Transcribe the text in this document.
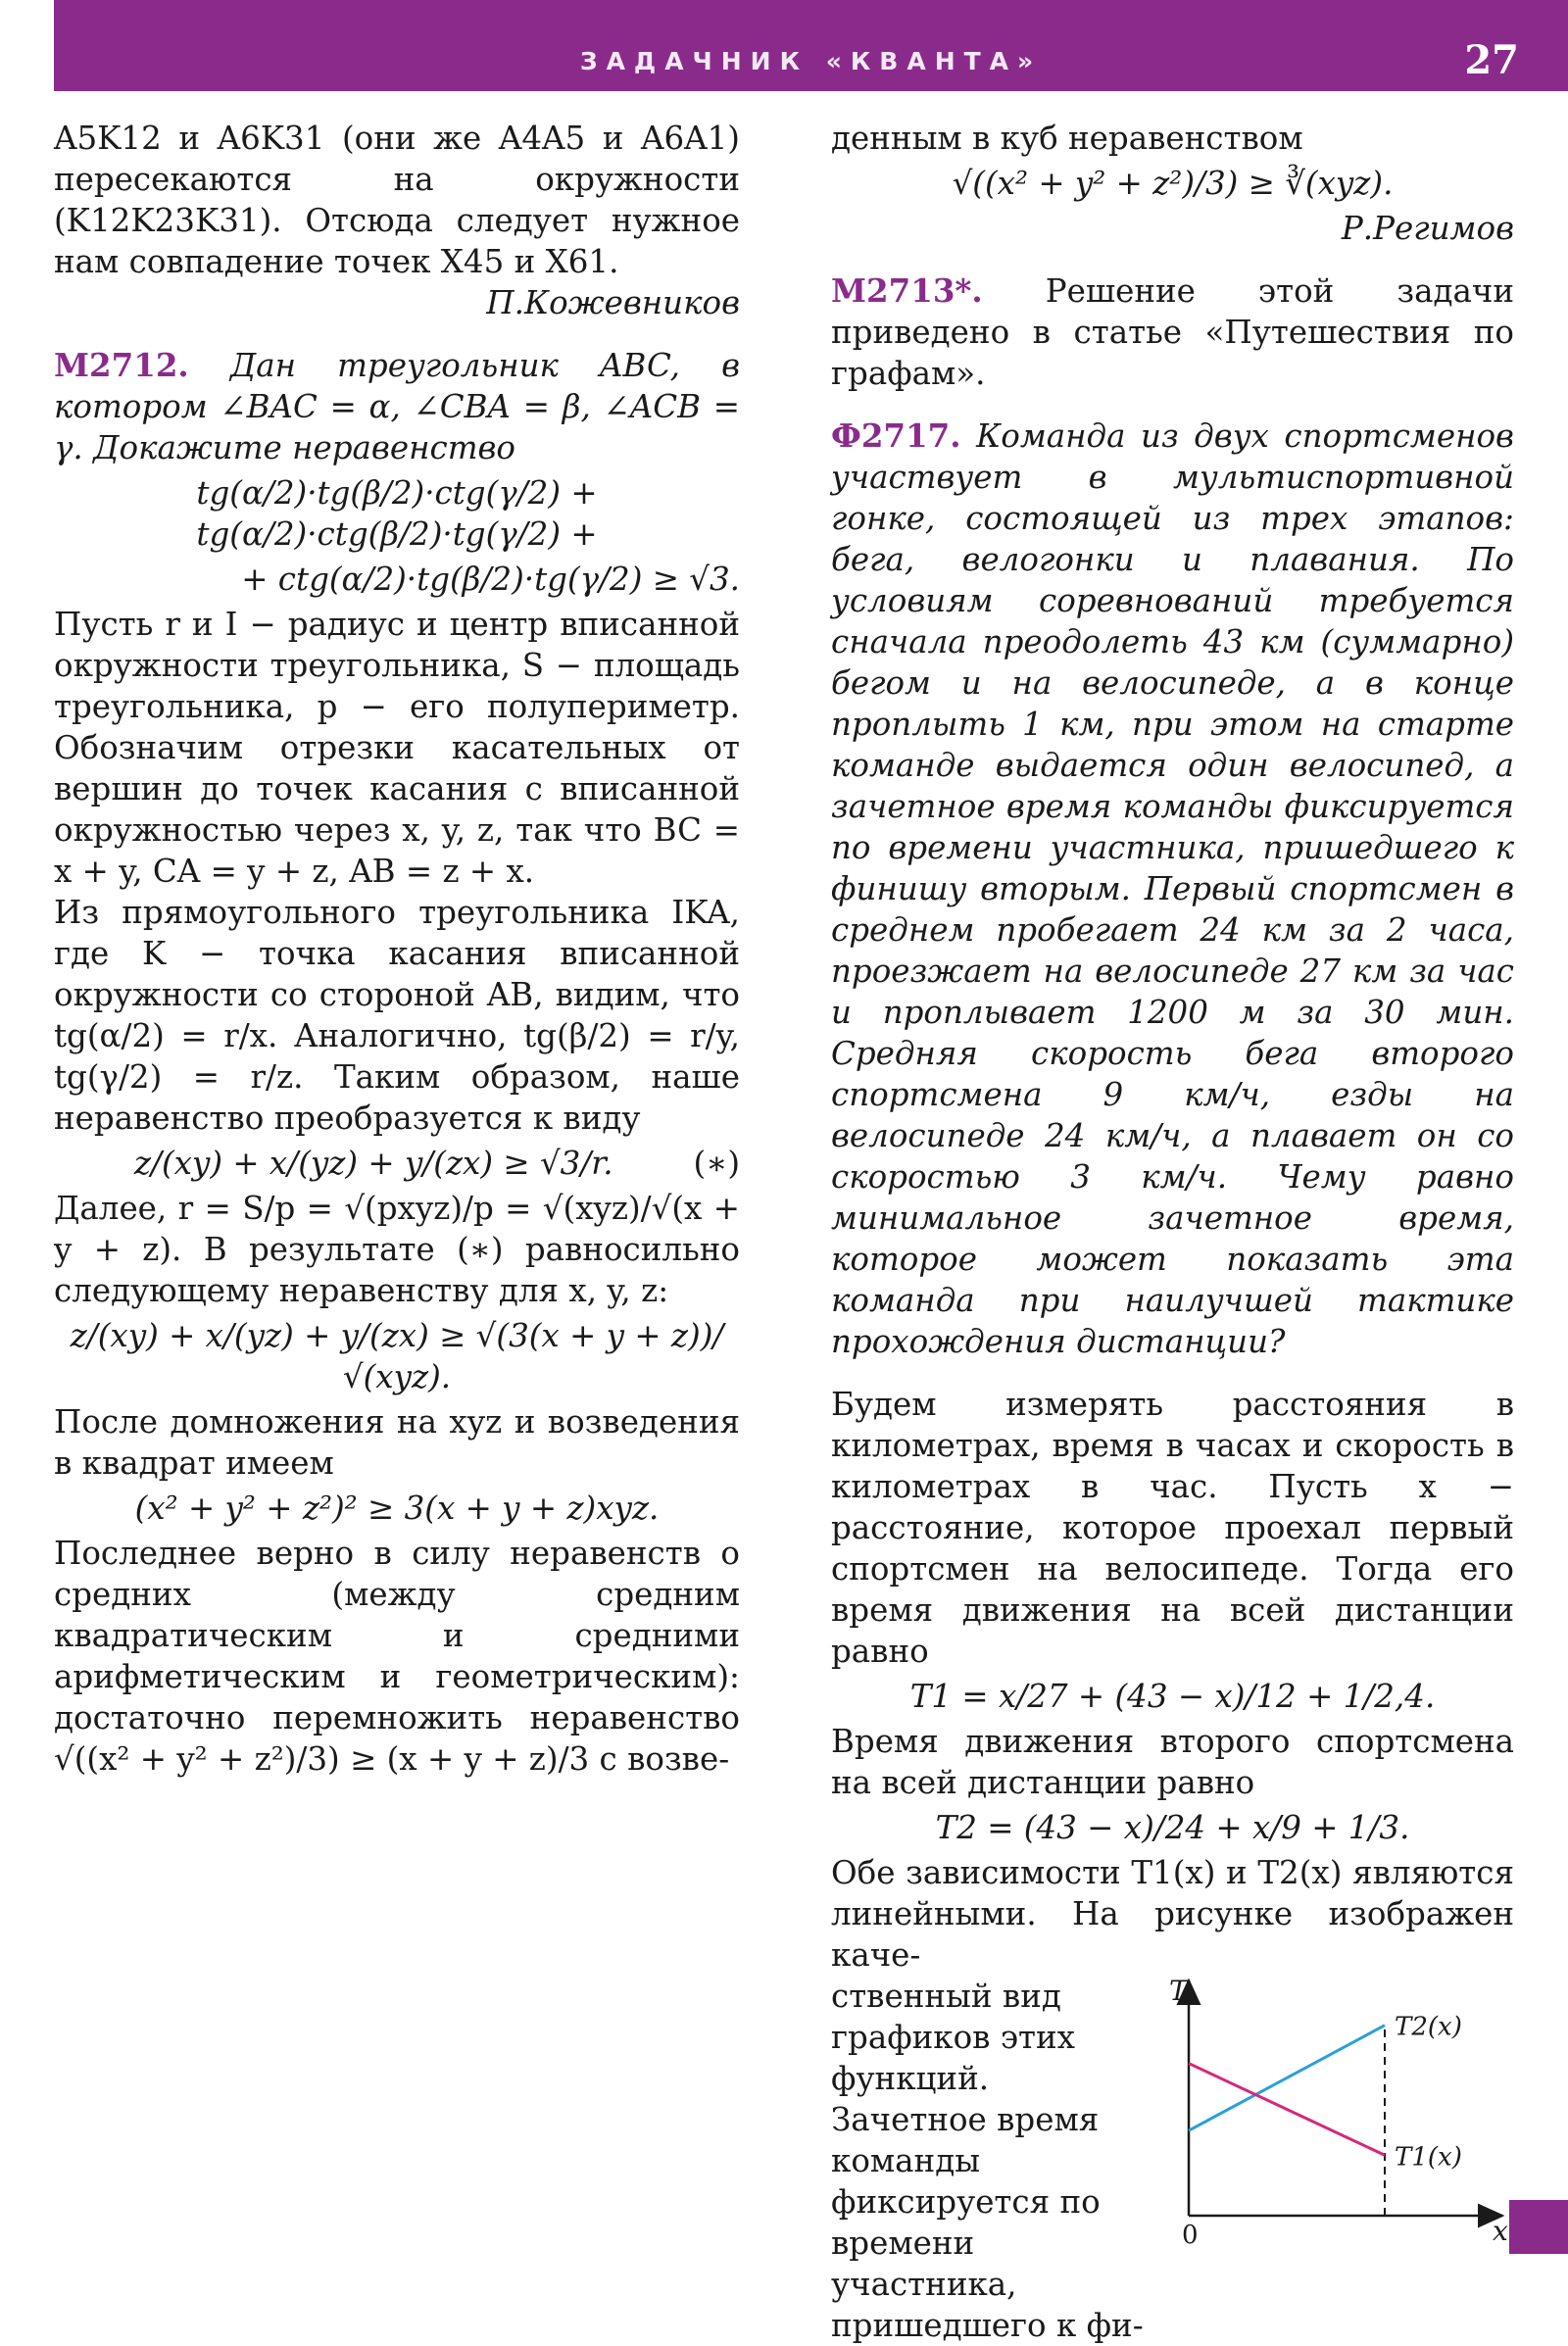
ЗАДАЧНИК «КВАНТА»	27

A5K12 и A6K31 (они же A4A5 и A6A1) пересекаются на окружности (K12K23K31). Отсюда следует нужное нам совпадение точек X45 и X61.

П.Кожевников

М2712. Дан треугольник ABC, в котором ∠BAC = α, ∠CBA = β, ∠ACB = γ. Докажите неравенство

tg(α/2)·tg(β/2)·ctg(γ/2) + tg(α/2)·ctg(β/2)·tg(γ/2) +
+ ctg(α/2)·tg(β/2)·tg(γ/2) ≥ √3.

Пусть r и I − радиус и центр вписанной окружности треугольника, S − площадь треугольника, p − его полупериметр. Обозначим отрезки касательных от вершин до точек касания с вписанной окружностью через x, y, z, так что BC = x + y, CA = y + z, AB = z + x.

Из прямоугольного треугольника IKA, где K − точка касания вписанной окружности со стороной AB, видим, что tg(α/2) = r/x. Аналогично, tg(β/2) = r/y, tg(γ/2) = r/z. Таким образом, наше неравенство преобразуется к виду

z/(xy) + x/(yz) + y/(zx) ≥ √3/r.	(∗)

Далее, r = S/p = √(pxyz)/p = √(xyz)/√(x + y + z). В результате (∗) равносильно следующему неравенству для x, y, z:

z/(xy) + x/(yz) + y/(zx) ≥ √(3(x + y + z))/√(xyz).

После домножения на xyz и возведения в квадрат имеем

(x² + y² + z²)² ≥ 3(x + y + z)xyz.

Последнее верно в силу неравенств о средних (между средним квадратическим и средними арифметическим и геометрическим): достаточно перемножить неравенство √((x² + y² + z²)/3) ≥ (x + y + z)/3 с возве-

денным в куб неравенством

√((x² + y² + z²)/3) ≥ ∛(xyz).

Р.Регимов

М2713*. Решение этой задачи приведено в статье «Путешествия по графам».

Ф2717. Команда из двух спортсменов участвует в мультиспортивной гонке, состоящей из трех этапов: бега, велогонки и плавания. По условиям соревнований требуется сначала преодолеть 43 км (суммарно) бегом и на велосипеде, а в конце проплыть 1 км, при этом на старте команде выдается один велосипед, а зачетное время команды фиксируется по времени участника, пришедшего к финишу вторым. Первый спортсмен в среднем пробегает 24 км за 2 часа, проезжает на велосипеде 27 км за час и проплывает 1200 м за 30 мин. Средняя скорость бега второго спортсмена 9 км/ч, езды на велосипеде 24 км/ч, а плавает он со скоростью 3 км/ч. Чему равно минимальное зачетное время, которое может показать эта команда при наилучшей тактике прохождения дистанции?

Будем измерять расстояния в километрах, время в часах и скорость в километрах в час. Пусть x − расстояние, которое проехал первый спортсмен на велосипеде. Тогда его время движения на всей дистанции равно

T1 = x/27 + (43 − x)/12 + 1/2,4.

Время движения второго спортсмена на всей дистанции равно

T2 = (43 − x)/24 + x/9 + 1/3.

Обе зависимости T1(x) и T2(x) являются линейными. На рисунке изображен каче-

ственный вид графиков этих функций. Зачетное время команды фиксируется по времени участника, пришедшего к фи-

T2(x)
T1(x)
T
x
0
